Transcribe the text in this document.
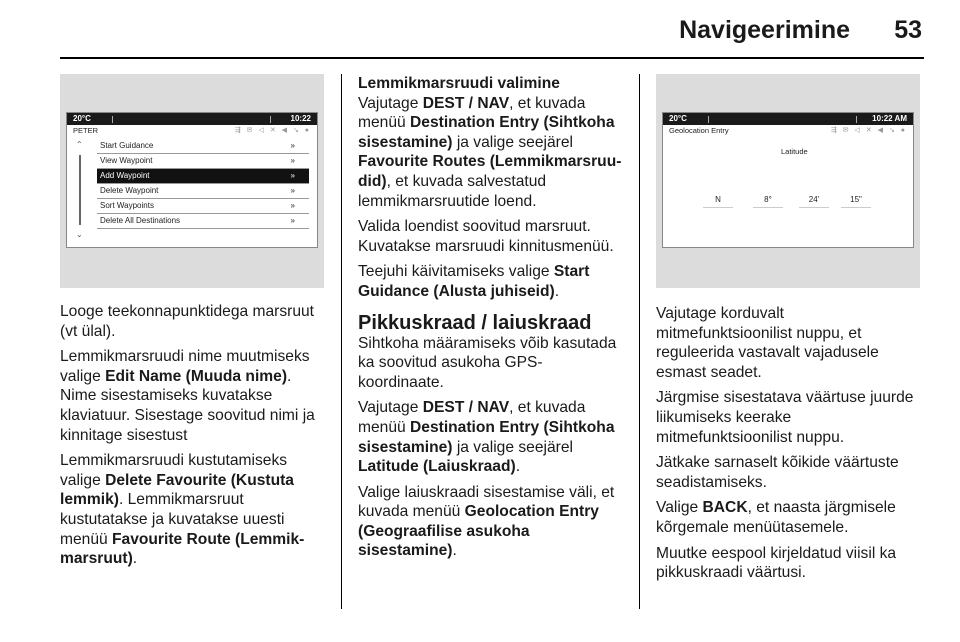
Navigeerimine 53
20°C	10:22
PETER	⇶ ✉ ◁ ✕ ◀ ↘ ●
⌃
⌄
Start Guidance	»
View Waypoint	»
Add Waypoint	»
Delete Waypoint	»
Sort Waypoints	»
Delete All Destinations	»

Looge teekonnapunktidega marsruut (vt ülal).

Lemmikmarsruudi nime muutmiseks valige Edit Name (Muuda nime). Nime sisestamiseks kuvatakse klaviatuur. Sisestage soovitud nimi ja kinnitage sisestust

Lemmikmarsruudi kustutamiseks valige Delete Favourite (Kustuta lemmik). Lemmikmarsruut kustutatakse ja kuvatakse uuesti menüü Favourite Route (Lemmikmarsruut).

Lemmikmarsruudi valimine

Vajutage DEST / NAV, et kuvada menüü Destination Entry (Sihtkoha sisestamine) ja valige seejärel Favourite Routes (Lemmikmarsruudid), et kuvada salvestatud lemmikmarsruutide loend.

Valida loendist soovitud marsruut. Kuvatakse marsruudi kinnitusmenüü.

Teejuhi käivitamiseks valige Start Guidance (Alusta juhiseid).

Pikkuskraad / laiuskraad

Sihtkoha määramiseks võib kasutada ka soovitud asukoha GPS-koordinaate.

Vajutage DEST / NAV, et kuvada menüü Destination Entry (Sihtkoha sisestamine) ja valige seejärel Latitude (Laiuskraad).

Valige laiuskraadi sisestamise väli, et kuvada menüü Geolocation Entry (Geograafilise asukoha sisestamine).

20°C	10:22 AM
Geolocation Entry	⇶ ✉ ◁ ✕ ◀ ↘ ●
Latitude
N	8°	24'	15"

Vajutage korduvalt mitmefunktsioonilist nuppu, et reguleerida vastavalt vajadusele esmast seadet.

Järgmise sisestatava väärtuse juurde liikumiseks keerake mitmefunktsioonilist nuppu.

Jätkake sarnaselt kõikide väärtuste seadistamiseks.

Valige BACK, et naasta järgmisele kõrgemale menüütasemele.

Muutke eespool kirjeldatud viisil ka pikkuskraadi väärtusi.
